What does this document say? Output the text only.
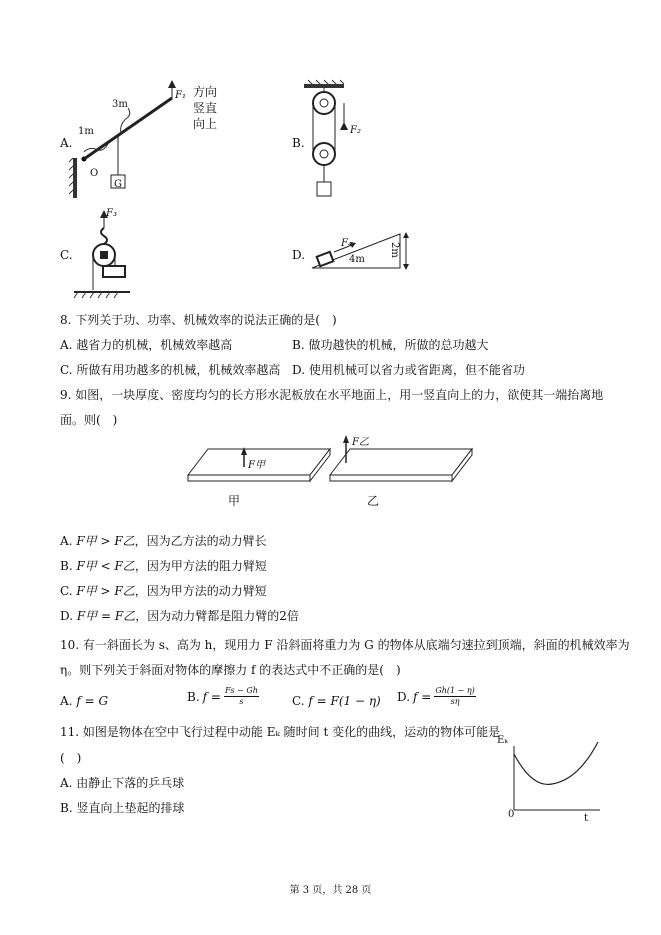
A.
3m
1m
F₁ 方向
竖直
向上
O
G
B.
F₂
C.
F₃
D.
F₄
4m
2m
8. 下列关于功、功率、机械效率的说法正确的是(　)
A. 越省力的机械，机械效率越高	B. 做功越快的机械，所做的总功越大
C. 所做有用功越多的机械，机械效率越高 D. 使用机械可以省力或省距离，但不能省功
9. 如图，一块厚度、密度均匀的长方形水泥板放在水平地面上，用一竖直向上的力，欲使其一端抬离地
面。则(　)
F甲
F乙
甲	乙
A. F甲 > F乙，因为乙方法的动力臂长
B. F甲 < F乙，因为甲方法的阻力臂短
C. F甲 > F乙，因为甲方法的动力臂短
D. F甲 = F乙，因为动力臂都是阻力臂的2倍
10. 有一斜面长为 s、高为 h，现用力 F 沿斜面将重力为 G 的物体从底端匀速拉到顶端，斜面的机械效率为
η。则下列关于斜面对物体的摩擦力 f 的表达式中不正确的是(　)
A. f = G	B. $f = \frac{Fs - Gh}{s}$	C. f = F(1 − η) D. $f = \frac{Gh(1 - \eta)}{s\eta}$
11. 如图是物体在空中飞行过程中动能 Eₖ 随时间 t 变化的曲线，运动的物体可能是
(　)
A. 由静止下落的乒乓球
B. 竖直向上垫起的排球
Eₖ
0	t
第 3 页，共 28 页
